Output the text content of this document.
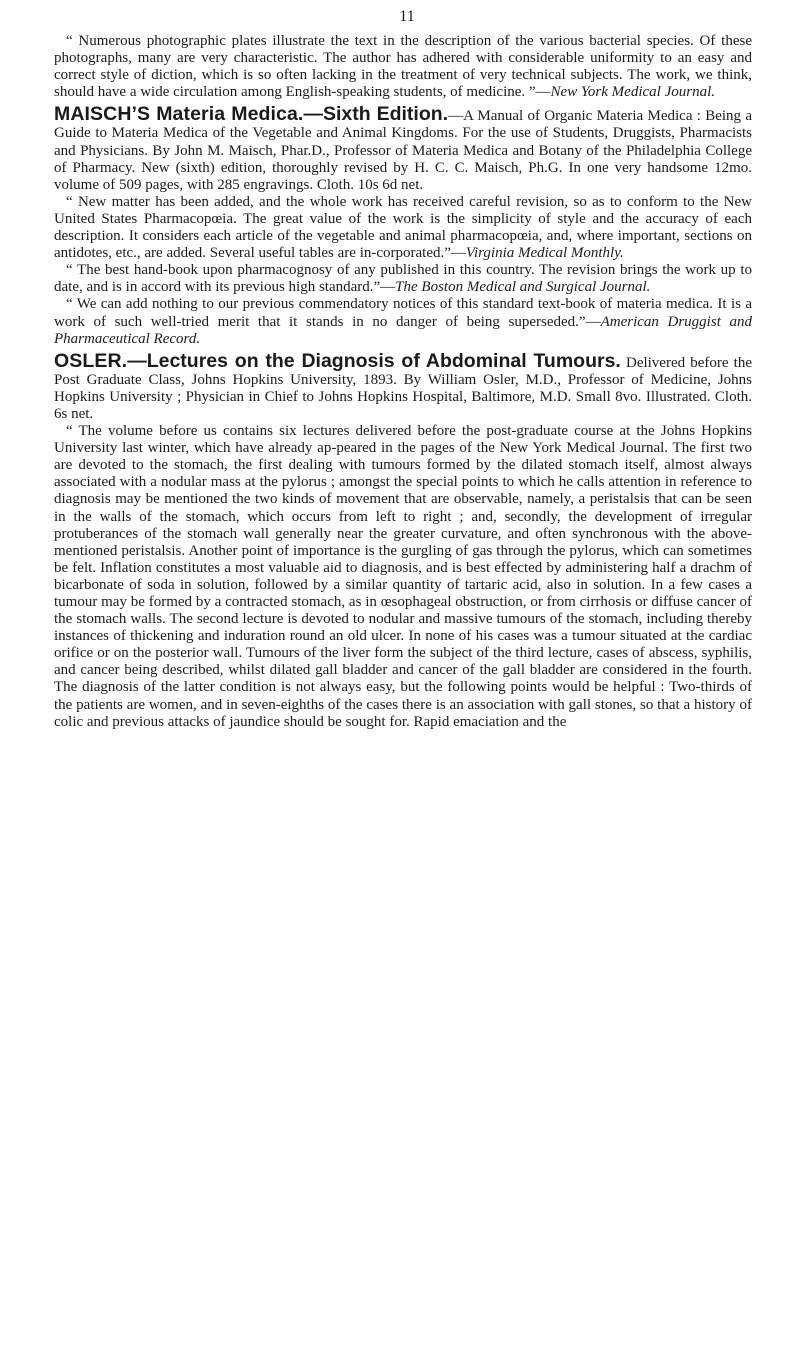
11

“ Numerous photographic plates illustrate the text in the description of the various bacterial species. Of these photographs, many are very characteristic. The author has adhered with considerable uniformity to an easy and correct style of diction, which is so often lacking in the treatment of very technical subjects. The work, we think, should have a wide circulation among English-speaking students, of medicine. ”—New York Medical Journal.

MAISCH’S Materia Medica.—Sixth Edition.—A Manual of Organic Materia Medica : Being a Guide to Materia Medica of the Vegetable and Animal Kingdoms. For the use of Students, Druggists, Pharmacists and Physicians. By John M. Maisch, Phar.D., Professor of Materia Medica and Botany of the Philadelphia College of Pharmacy. New (sixth) edition, thoroughly revised by H. C. C. Maisch, Ph.G. In one very handsome 12mo. volume of 509 pages, with 285 engravings. Cloth. 10s 6d net.

“ New matter has been added, and the whole work has received careful revision, so as to conform to the New United States Pharmacopœia. The great value of the work is the simplicity of style and the accuracy of each description. It considers each article of the vegetable and animal pharmacopœia, and, where important, sections on antidotes, etc., are added. Several useful tables are in-corporated.”—Virginia Medical Monthly.

“ The best hand-book upon pharmacognosy of any published in this country. The revision brings the work up to date, and is in accord with its previous high standard.”—The Boston Medical and Surgical Journal.

“ We can add nothing to our previous commendatory notices of this standard text-book of materia medica. It is a work of such well-tried merit that it stands in no danger of being superseded.”—American Druggist and Pharmaceutical Record.

OSLER.—Lectures on the Diagnosis of Abdominal Tumours. Delivered before the Post Graduate Class, Johns Hopkins University, 1893. By William Osler, M.D., Professor of Medicine, Johns Hopkins University ; Physician in Chief to Johns Hopkins Hospital, Baltimore, M.D. Small 8vo. Illustrated. Cloth. 6s net.

“ The volume before us contains six lectures delivered before the post-graduate course at the Johns Hopkins University last winter, which have already ap-peared in the pages of the New York Medical Journal. The first two are devoted to the stomach, the first dealing with tumours formed by the dilated stomach itself, almost always associated with a nodular mass at the pylorus ; amongst the special points to which he calls attention in reference to diagnosis may be mentioned the two kinds of movement that are observable, namely, a peristalsis that can be seen in the walls of the stomach, which occurs from left to right ; and, secondly, the development of irregular protuberances of the stomach wall generally near the greater curvature, and often synchronous with the above-mentioned peristalsis. Another point of importance is the gurgling of gas through the pylorus, which can sometimes be felt. Inflation constitutes a most valuable aid to diagnosis, and is best effected by administering half a drachm of bicarbonate of soda in solution, followed by a similar quantity of tartaric acid, also in solution. In a few cases a tumour may be formed by a contracted stomach, as in œsophageal obstruction, or from cirrhosis or diffuse cancer of the stomach walls. The second lecture is devoted to nodular and massive tumours of the stomach, including thereby instances of thickening and induration round an old ulcer. In none of his cases was a tumour situated at the cardiac orifice or on the posterior wall. Tumours of the liver form the subject of the third lecture, cases of abscess, syphilis, and cancer being described, whilst dilated gall bladder and cancer of the gall bladder are considered in the fourth. The diagnosis of the latter condition is not always easy, but the following points would be helpful : Two-thirds of the patients are women, and in seven-eighths of the cases there is an association with gall stones, so that a history of colic and previous attacks of jaundice should be sought for. Rapid emaciation and the
